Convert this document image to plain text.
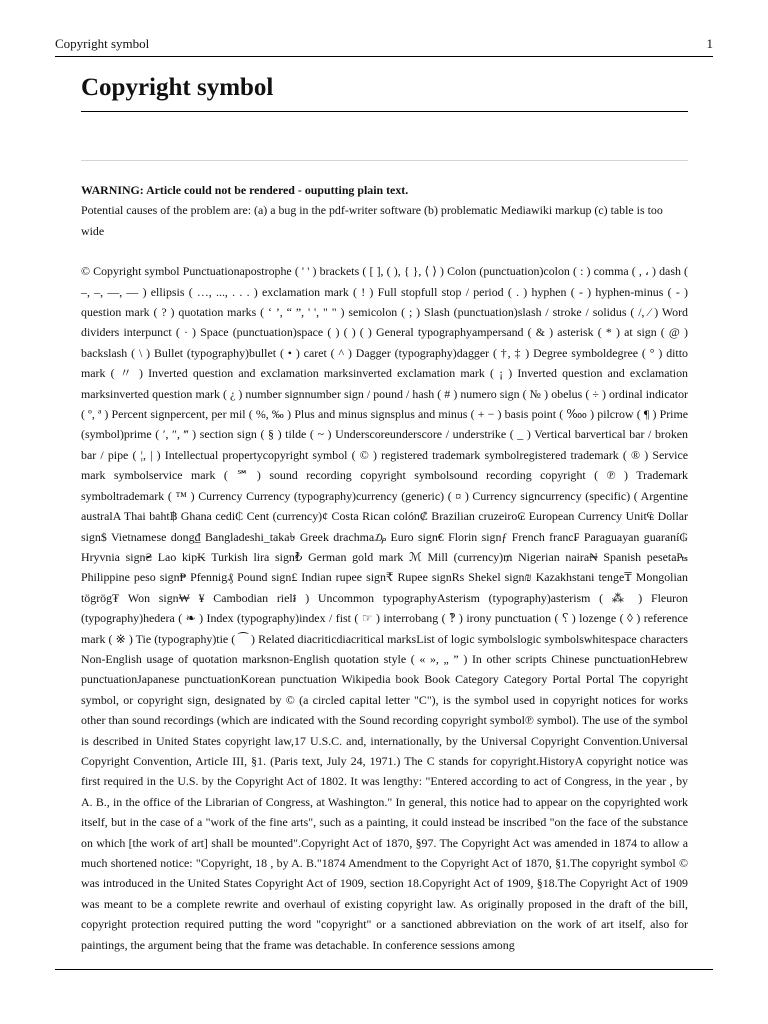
Copyright symbol	1
Copyright symbol

WARNING: Article could not be rendered - ouputting plain text.

Potential causes of the problem are: (a) a bug in the pdf-writer software (b) problematic Mediawiki markup (c) table is too wide

© Copyright symbol Punctuationapostrophe ( ' ' ) brackets ( [ ], ( ), { }, ⟨ ⟩ ) Colon (punctuation)colon ( : ) comma ( , ، ) dash ( ‒, –, —, ― ) ellipsis ( …, ..., . . . ) exclamation mark ( ! ) Full stopfull stop / period ( . ) hyphen ( ‐ ) hyphen-minus ( - ) question mark ( ? ) quotation marks ( ‘ ’, “ ”, ' ', " " ) semicolon ( ; ) Slash (punctuation)slash / stroke / solidus ( /, ⁄ ) Word dividers interpunct ( · ) Space (punctuation)space ( ) ( ) ( ) General typographyampersand ( & ) asterisk ( * ) at sign ( @ ) backslash ( \ ) Bullet (typography)bullet ( • ) caret ( ^ ) Dagger (typography)dagger ( †, ‡ ) Degree symboldegree ( ° ) ditto mark ( 〃 ) Inverted question and exclamation marksinverted exclamation mark ( ¡ ) Inverted question and exclamation marksinverted question mark ( ¿ ) number signnumber sign / pound / hash ( # ) numero sign ( № ) obelus ( ÷ ) ordinal indicator ( º, ª ) Percent signpercent, per mil ( %, ‰ ) Plus and minus signsplus and minus ( + − ) basis point ( ‱ ) pilcrow ( ¶ ) Prime (symbol)prime ( ′, ″, ‴ ) section sign ( § ) tilde ( ~ ) Underscoreunderscore / understrike ( _ ) Vertical barvertical bar / broken bar / pipe ( ¦, | ) Intellectual propertycopyright symbol ( © ) registered trademark symbolregistered trademark ( ® ) Service mark symbolservice mark ( ℠ ) sound recording copyright symbolsound recording copyright ( ℗ ) Trademark symboltrademark ( ™ ) Currency Currency (typography)currency (generic) ( ¤ ) Currency signcurrency (specific) ( Argentine australA Thai baht฿ Ghana cedi₵ Cent (currency)¢ Costa Rican colón₡ Brazilian cruzeiro₢ European Currency Unit₠ Dollar sign$ Vietnamese dong₫ Bangladeshi_taka৳ Greek drachma₯ Euro sign€ Florin signƒ French franc₣ Paraguayan guaraní₲ Hryvnia sign₴ Lao kip₭ Turkish lira sign₺ German gold mark ℳ Mill (currency)₥ Nigerian naira₦ Spanish peseta₧ Philippine peso sign₱ Pfennig₰ Pound sign£ Indian rupee sign₹ Rupee signRs Shekel sign₪ Kazakhstani tenge₸ Mongolian tögrög₮ Won sign₩ ¥ Cambodian riel៛ ) Uncommon typographyAsterism (typography)asterism ( ⁂ ) Fleuron (typography)hedera ( ❧ ) Index (typography)index / fist ( ☞ ) interrobang ( ‽ ) irony punctuation ( ⸮ ) lozenge ( ◊ ) reference mark ( ※ ) Tie (typography)tie ( ⁀ ) Related diacriticdiacritical marksList of logic symbolslogic symbolswhitespace characters Non-English usage of quotation marksnon-English quotation style ( « », „ ” ) In other scripts Chinese punctuationHebrew punctuationJapanese punctuationKorean punctuation Wikipedia book Book Category Category Portal Portal The copyright symbol, or copyright sign, designated by © (a circled capital letter "C"), is the symbol used in copyright notices for works other than sound recordings (which are indicated with the Sound recording copyright symbol℗ symbol). The use of the symbol is described in United States copyright law,17 U.S.C. and, internationally, by the Universal Copyright Convention.Universal Copyright Convention, Article III, §1. (Paris text, July 24, 1971.) The C stands for copyright.HistoryA copyright notice was first required in the U.S. by the Copyright Act of 1802. It was lengthy: "Entered according to act of Congress, in the year , by A. B., in the office of the Librarian of Congress, at Washington." In general, this notice had to appear on the copyrighted work itself, but in the case of a "work of the fine arts", such as a painting, it could instead be inscribed "on the face of the substance on which [the work of art] shall be mounted".Copyright Act of 1870, §97. The Copyright Act was amended in 1874 to allow a much shortened notice: "Copyright, 18 , by A. B."1874 Amendment to the Copyright Act of 1870, §1.The copyright symbol © was introduced in the United States Copyright Act of 1909, section 18.Copyright Act of 1909, §18.The Copyright Act of 1909 was meant to be a complete rewrite and overhaul of existing copyright law. As originally proposed in the draft of the bill, copyright protection required putting the word "copyright" or a sanctioned abbreviation on the work of art itself, also for paintings, the argument being that the frame was detachable. In conference sessions among
